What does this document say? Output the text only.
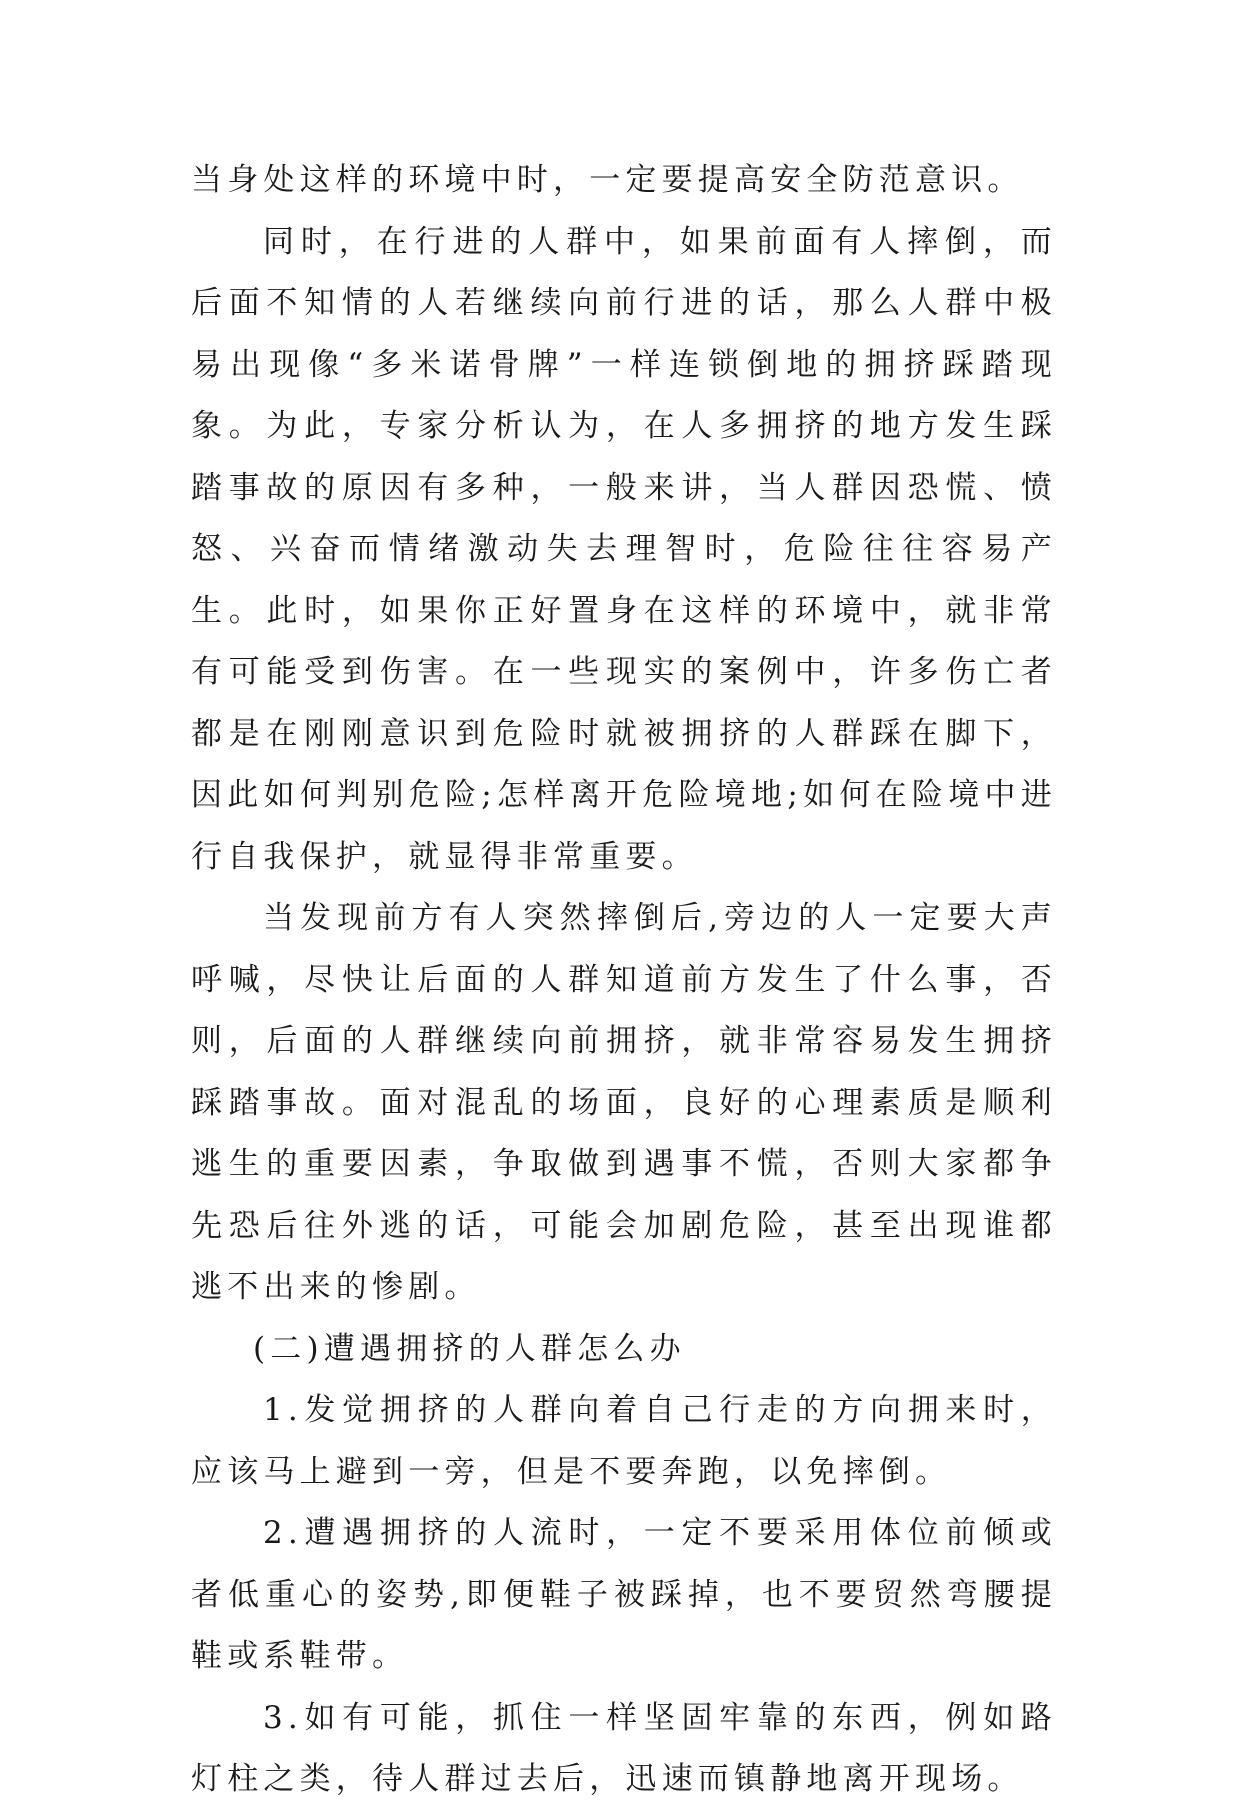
当身处这样的环境中时，一定要提高安全防范意识。

同时，在行进的人群中，如果前面有人摔倒，而后面不知情的人若继续向前行进的话，那么人群中极易出现像“多米诺骨牌”一样连锁倒地的拥挤踩踏现象。为此，专家分析认为，在人多拥挤的地方发生踩踏事故的原因有多种，一般来讲，当人群因恐慌、愤怒、兴奋而情绪激动失去理智时，危险往往容易产生。此时，如果你正好置身在这样的环境中，就非常有可能受到伤害。在一些现实的案例中，许多伤亡者都是在刚刚意识到危险时就被拥挤的人群踩在脚下，因此如何判别危险;怎样离开危险境地;如何在险境中进行自我保护，就显得非常重要。

当发现前方有人突然摔倒后,旁边的人一定要大声呼喊，尽快让后面的人群知道前方发生了什么事，否则，后面的人群继续向前拥挤，就非常容易发生拥挤踩踏事故。面对混乱的场面，良好的心理素质是顺利逃生的重要因素，争取做到遇事不慌，否则大家都争先恐后往外逃的话，可能会加剧危险，甚至出现谁都逃不出来的惨剧。

(二)遭遇拥挤的人群怎么办

1.发觉拥挤的人群向着自己行走的方向拥来时，应该马上避到一旁，但是不要奔跑，以免摔倒。

2.遭遇拥挤的人流时，一定不要采用体位前倾或者低重心的姿势,即便鞋子被踩掉，也不要贸然弯腰提鞋或系鞋带。

3.如有可能，抓住一样坚固牢靠的东西，例如路灯柱之类，待人群过去后，迅速而镇静地离开现场。
